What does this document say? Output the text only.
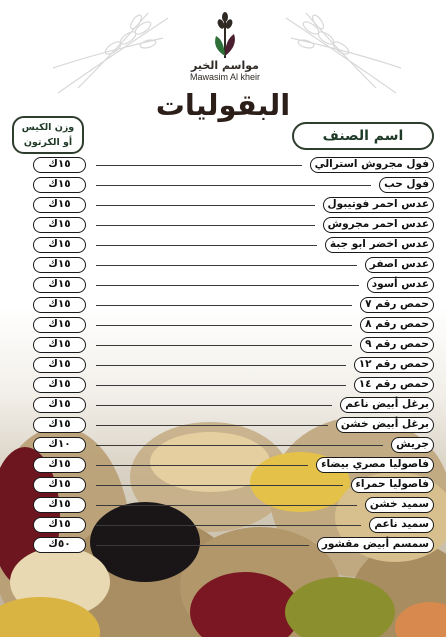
مواسم الخير
Mawasim Al kheir
البقوليات
اسم الصنف
وزن الكيس
أو الكرتون
١٥ك	فول مجروش استرالي
١٥ك	فول حب
١٥ك	عدس احمر فوتيبول
١٥ك	عدس احمر مجروش
١٥ك	عدس اخضر ابو جبة
١٥ك	عدس اصفر
١٥ك	عدس أسود
١٥ك	حمص رقم ٧
١٥ك	حمص رقم ٨
١٥ك	حمص رقم ٩
١٥ك	حمص رقم ١٢
١٥ك	حمص رقم ١٤
١٥ك	برغل أبيض ناعم
١٥ك	برغل أبيض خشن
١٠ك	جريش
١٥ك	فاصوليا مصري بيضاء
١٥ك	فاصوليا حمراء
١٥ك	سميد خشن
١٥ك	سميد ناعم
٥٠ك	سمسم أبيض مقشور
